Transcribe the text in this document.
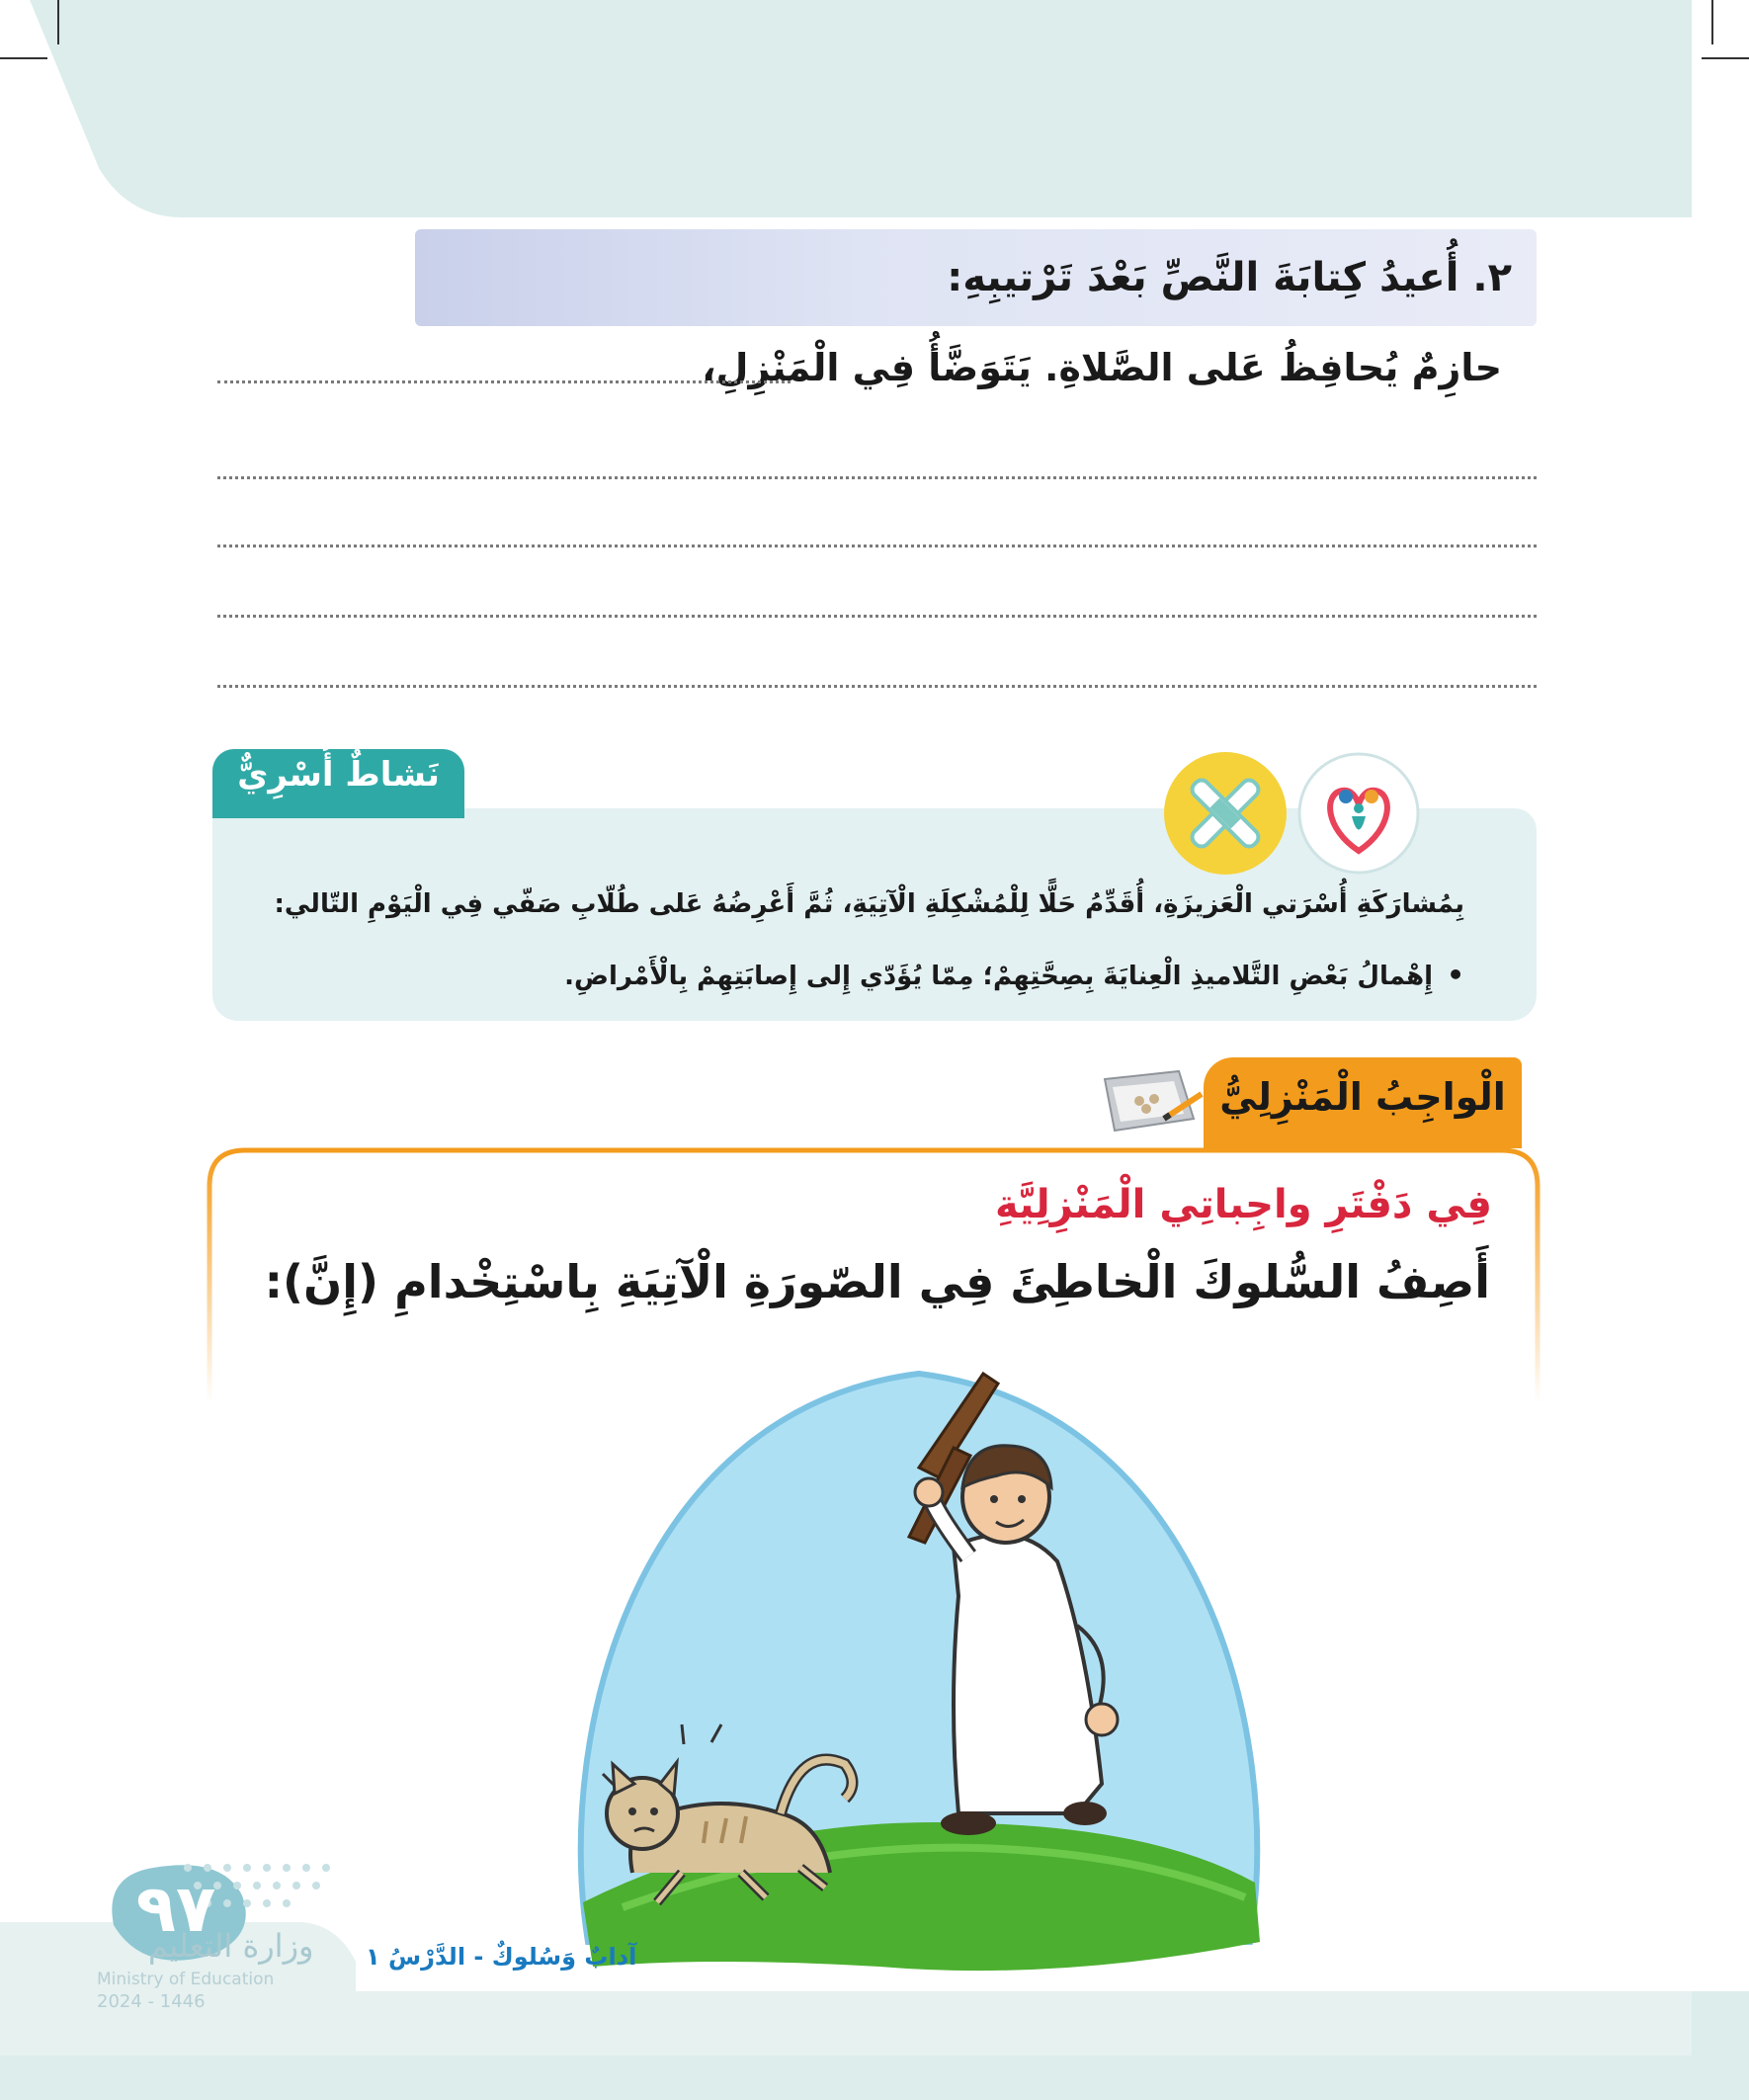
٢. أُعيدُ كِتابَةَ النَّصِّ بَعْدَ تَرْتيبِهِ:
حازِمٌ يُحافِظُ عَلى الصَّلاةِ. يَتَوَضَّأُ فِي الْمَنْزِلِ،
نَشاطٌ أُسْرِيٌّ
بِمُشارَكَةِ أُسْرَتي الْعَزيزَةِ، أُقَدِّمُ حَلًّا لِلْمُشْكِلَةِ الْآتِيَةِ، ثُمَّ أَعْرِضُهُ عَلى طُلّابِ صَفّي فِي الْيَوْمِ التّالي:
•إِهْمالُ بَعْضِ التَّلاميذِ الْعِنايَةَ بِصِحَّتِهِمْ؛ مِمّا يُؤَدّي إِلى إِصابَتِهِمْ بِالْأَمْراضِ.
الْواجِبُ الْمَنْزِلِيُّ
فِي دَفْتَرِ واجِباتِي الْمَنْزِلِيَّةِ
أَصِفُ السُّلوكَ الْخاطِئَ فِي الصّورَةِ الْآتِيَةِ بِاسْتِخْدامِ (إِنَّ):
٩٧
وزارة التعليم
Ministry of Education
2024 - 1446
آدابٌ وَسُلوكٌ - الدَّرْسُ ١
